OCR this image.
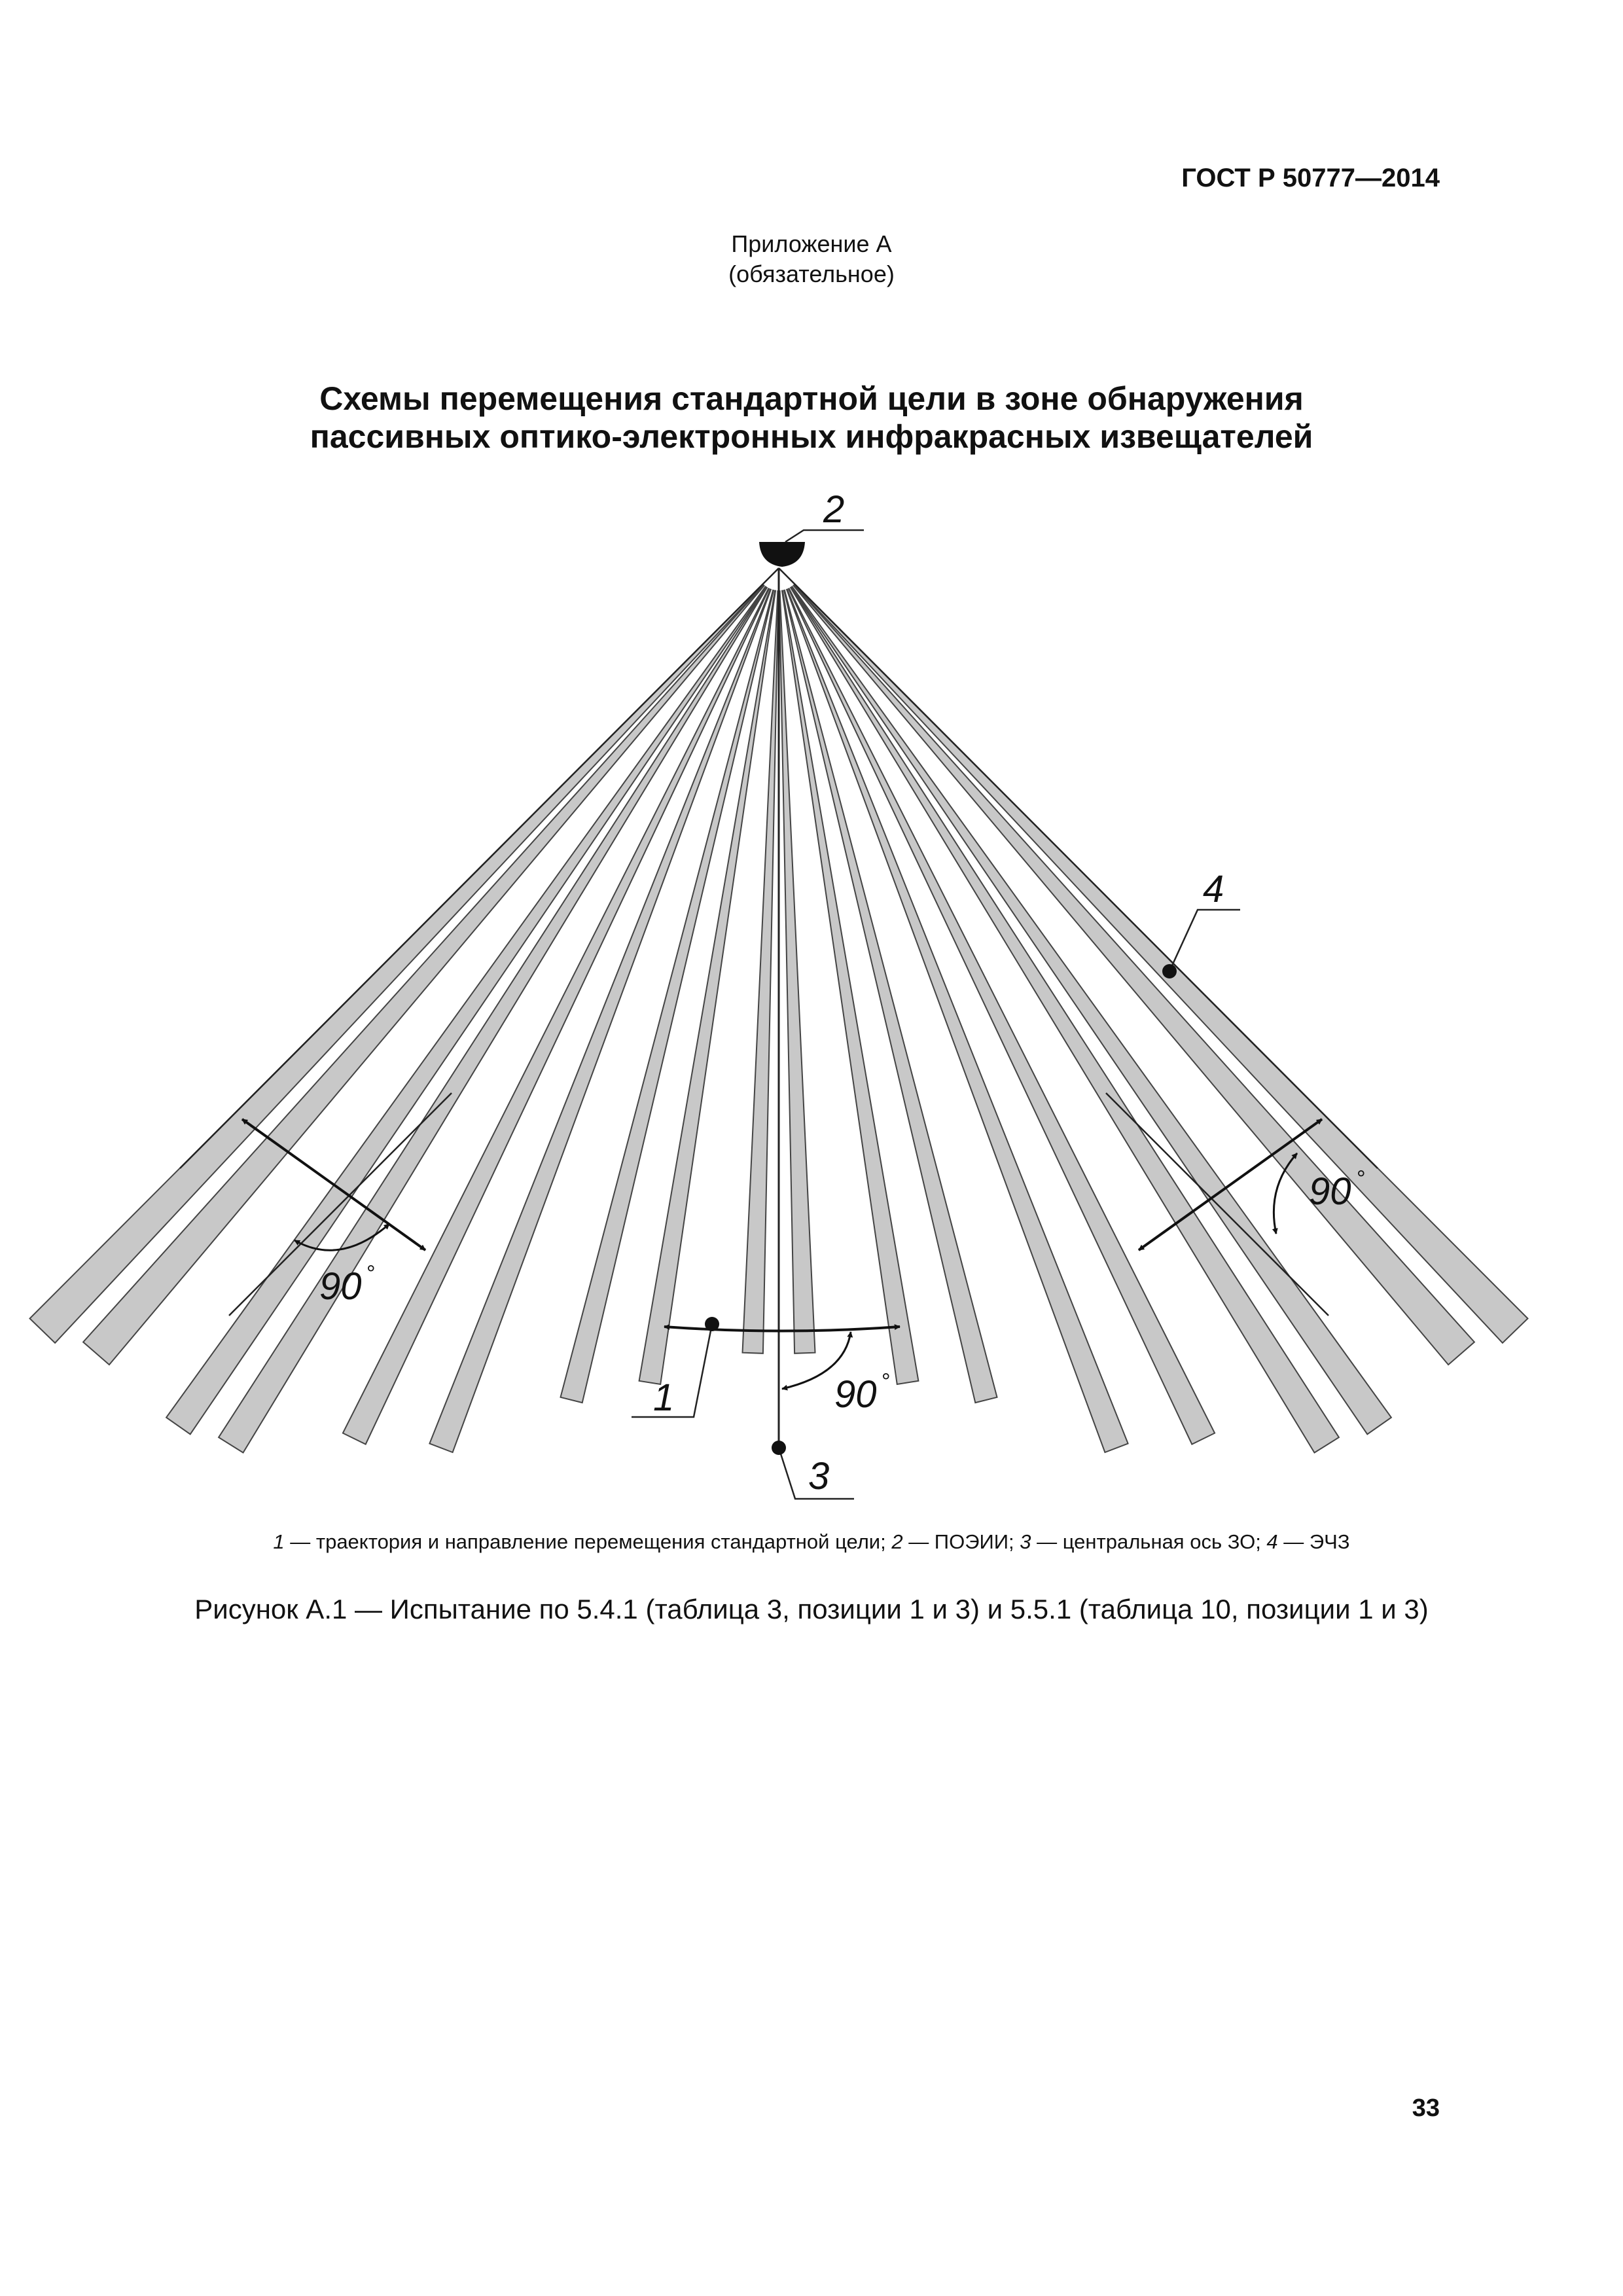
ГОСТ Р 50777—2014
Приложение А
(обязательное)
Схемы перемещения стандартной цели в зоне обнаружения
пассивных оптико-электронных инфракрасных извещателей
2
4
1
3
90
90
90
°
°
°
1 — траектория и направление перемещения стандартной цели; 2 — ПОЭИИ; 3 — центральная ось ЗО; 4 — ЭЧЗ
Рисунок А.1 — Испытание по 5.4.1 (таблица 3, позиции 1 и 3) и 5.5.1 (таблица 10, позиции 1 и 3)
33
